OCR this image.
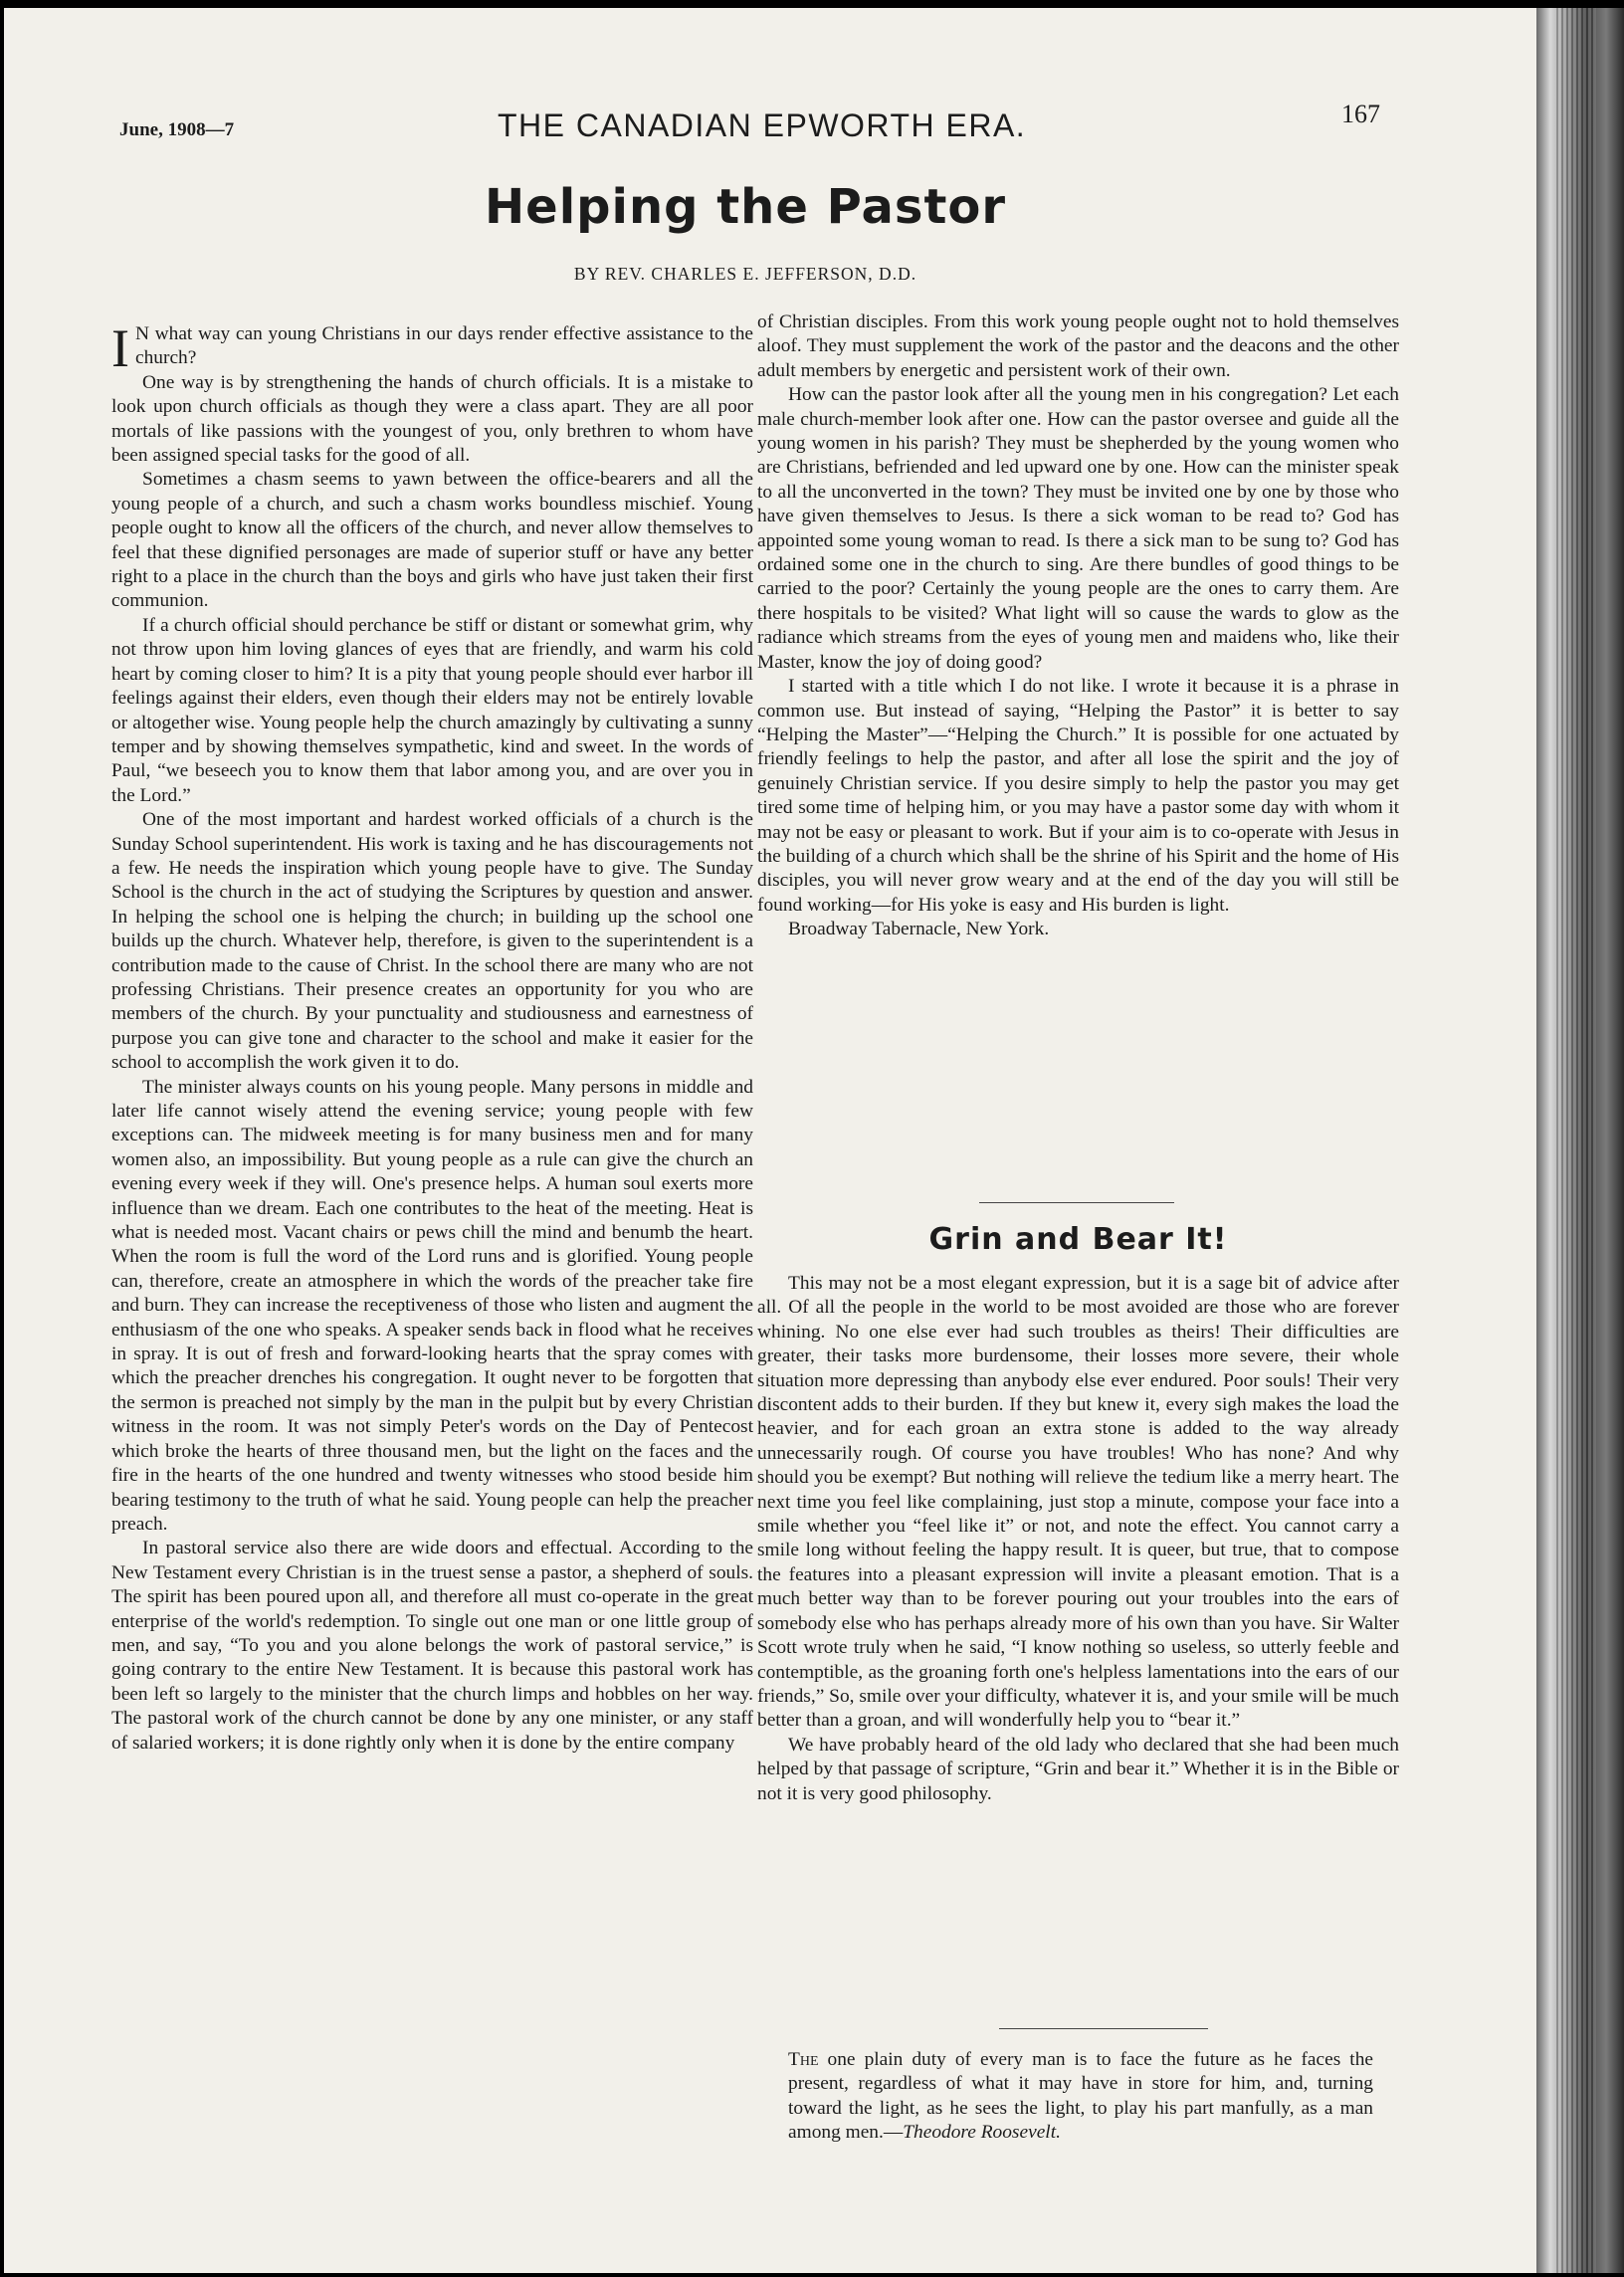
June, 1908—7	THE CANADIAN EPWORTH ERA.	167
Helping the Pastor
BY REV. CHARLES E. JEFFERSON, D.D.

I N what way can young Christians in our days render effective assistance to the church?

One way is by strengthening the hands of church officials. It is a mistake to look upon church officials as though they were a class apart. They are all poor mortals of like passions with the youngest of you, only brethren to whom have been assigned special tasks for the good of all.

Sometimes a chasm seems to yawn between the office-bearers and all the young people of a church, and such a chasm works boundless mischief. Young people ought to know all the officers of the church, and never allow themselves to feel that these dignified personages are made of superior stuff or have any better right to a place in the church than the boys and girls who have just taken their first communion.

If a church official should perchance be stiff or distant or somewhat grim, why not throw upon him loving glances of eyes that are friendly, and warm his cold heart by coming closer to him? It is a pity that young people should ever harbor ill feelings against their elders, even though their elders may not be entirely lovable or altogether wise. Young people help the church amazingly by cultivating a sunny temper and by showing themselves sympathetic, kind and sweet. In the words of Paul, “we beseech you to know them that labor among you, and are over you in the Lord.”

One of the most important and hardest worked officials of a church is the Sunday School superintendent. His work is taxing and he has discouragements not a few. He needs the inspiration which young people have to give. The Sunday School is the church in the act of studying the Scriptures by question and answer. In helping the school one is helping the church; in building up the school one builds up the church. Whatever help, therefore, is given to the superintendent is a contribution made to the cause of Christ. In the school there are many who are not professing Christians. Their presence creates an opportunity for you who are members of the church. By your punctuality and studiousness and earnestness of purpose you can give tone and character to the school and make it easier for the school to accomplish the work given it to do.

The minister always counts on his young people. Many persons in middle and later life cannot wisely attend the evening service; young people with few exceptions can. The midweek meeting is for many business men and for many women also, an impossibility. But young people as a rule can give the church an evening every week if they will. One's presence helps. A human soul exerts more influence than we dream. Each one contributes to the heat of the meeting. Heat is what is needed most. Vacant chairs or pews chill the mind and benumb the heart. When the room is full the word of the Lord runs and is glorified. Young people can, therefore, create an atmosphere in which the words of the preacher take fire and burn. They can increase the receptiveness of those who listen and augment the enthusiasm of the one who speaks. A speaker sends back in flood what he receives in spray. It is out of fresh and forward-looking hearts that the spray comes with which the preacher drenches his congregation. It ought never to be forgotten that the sermon is preached not simply by the man in the pulpit but by every Christian witness in the room. It was not simply Peter's words on the Day of Pentecost which broke the hearts of three thousand men, but the light on the faces and the fire in the hearts of the one hundred and twenty witnesses who stood beside him bearing testimony to the truth of what he said. Young people can help the preacher preach.

In pastoral service also there are wide doors and effectual. According to the New Testament every Christian is in the truest sense a pastor, a shepherd of souls. The spirit has been poured upon all, and therefore all must co-operate in the great enterprise of the world's redemption. To single out one man or one little group of men, and say, “To you and you alone belongs the work of pastoral service,” is going contrary to the entire New Testament. It is because this pastoral work has been left so largely to the minister that the church limps and hobbles on her way. The pastoral work of the church cannot be done by any one minister, or any staff of salaried workers; it is done rightly only when it is done by the entire company

of Christian disciples. From this work young people ought not to hold themselves aloof. They must supplement the work of the pastor and the deacons and the other adult members by energetic and persistent work of their own.

How can the pastor look after all the young men in his congregation? Let each male church-member look after one. How can the pastor oversee and guide all the young women in his parish? They must be shepherded by the young women who are Christians, befriended and led upward one by one. How can the minister speak to all the unconverted in the town? They must be invited one by one by those who have given themselves to Jesus. Is there a sick woman to be read to? God has appointed some young woman to read. Is there a sick man to be sung to? God has ordained some one in the church to sing. Are there bundles of good things to be carried to the poor? Certainly the young people are the ones to carry them. Are there hospitals to be visited? What light will so cause the wards to glow as the radiance which streams from the eyes of young men and maidens who, like their Master, know the joy of doing good?

I started with a title which I do not like. I wrote it because it is a phrase in common use. But instead of saying, “Helping the Pastor” it is better to say “Helping the Master”—“Helping the Church.” It is possible for one actuated by friendly feelings to help the pastor, and after all lose the spirit and the joy of genuinely Christian service. If you desire simply to help the pastor you may get tired some time of helping him, or you may have a pastor some day with whom it may not be easy or pleasant to work. But if your aim is to co-operate with Jesus in the building of a church which shall be the shrine of his Spirit and the home of His disciples, you will never grow weary and at the end of the day you will still be found working—for His yoke is easy and His burden is light.

Broadway Tabernacle, New York.

Grin and Bear It!

This may not be a most elegant expression, but it is a sage bit of advice after all. Of all the people in the world to be most avoided are those who are forever whining. No one else ever had such troubles as theirs! Their difficulties are greater, their tasks more burdensome, their losses more severe, their whole situation more depressing than anybody else ever endured. Poor souls! Their very discontent adds to their burden. If they but knew it, every sigh makes the load the heavier, and for each groan an extra stone is added to the way already unnecessarily rough. Of course you have troubles! Who has none? And why should you be exempt? But nothing will relieve the tedium like a merry heart. The next time you feel like complaining, just stop a minute, compose your face into a smile whether you “feel like it” or not, and note the effect. You cannot carry a smile long without feeling the happy result. It is queer, but true, that to compose the features into a pleasant expression will invite a pleasant emotion. That is a much better way than to be forever pouring out your troubles into the ears of somebody else who has perhaps already more of his own than you have. Sir Walter Scott wrote truly when he said, “I know nothing so useless, so utterly feeble and contemptible, as the groaning forth one's helpless lamentations into the ears of our friends,” So, smile over your difficulty, whatever it is, and your smile will be much better than a groan, and will wonderfully help you to “bear it.”

We have probably heard of the old lady who declared that she had been much helped by that passage of scripture, “Grin and bear it.” Whether it is in the Bible or not it is very good philosophy.

The one plain duty of every man is to face the future as he faces the present, regardless of what it may have in store for him, and, turning toward the light, as he sees the light, to play his part manfully, as a man among men.—Theodore Roosevelt.
